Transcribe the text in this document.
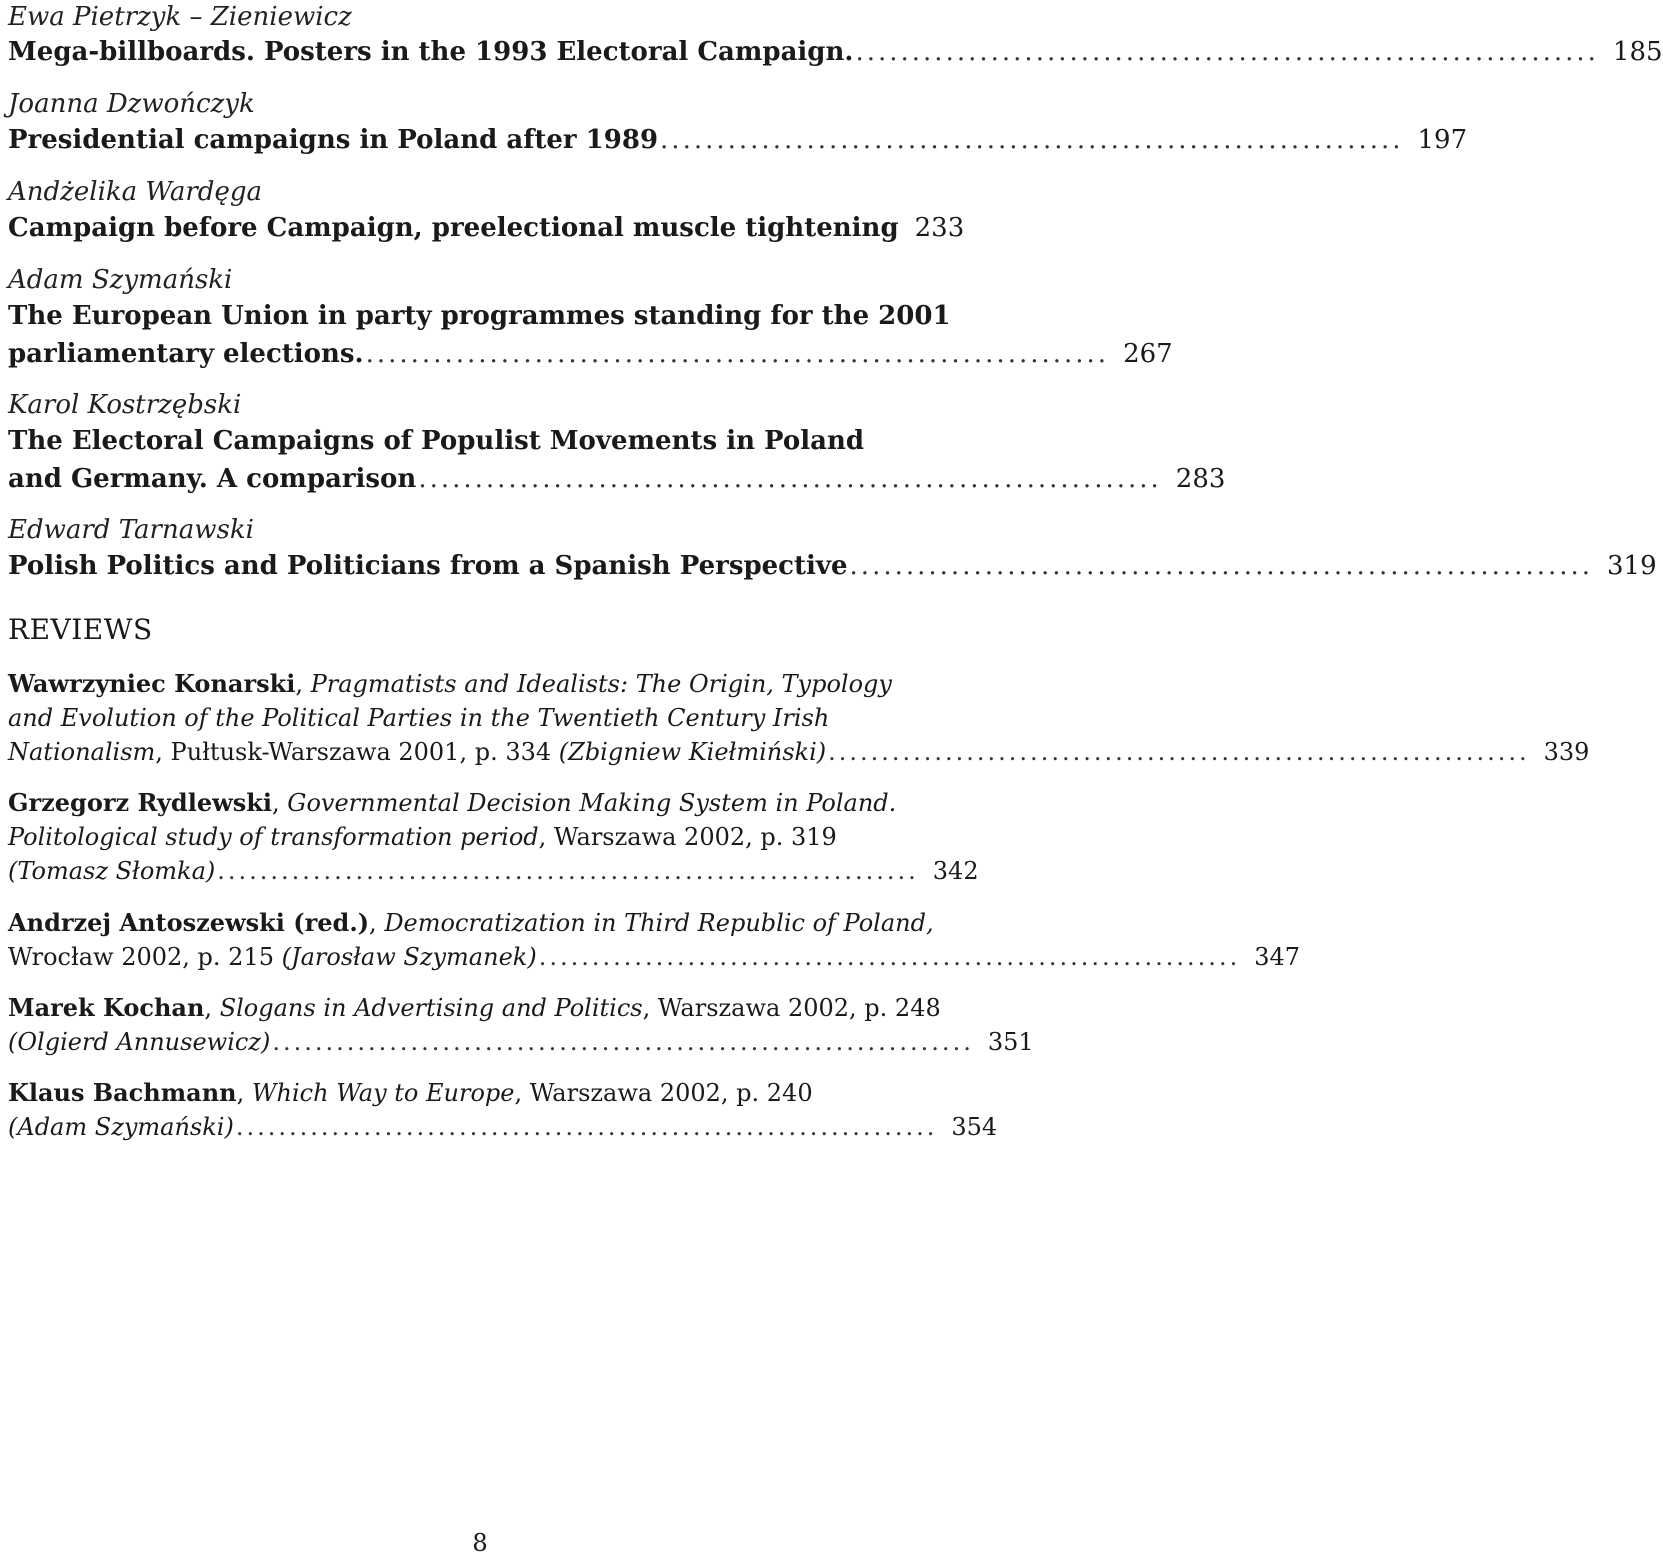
Ewa Pietrzyk – Zieniewicz
Mega-billboards. Posters in the 1993 Electoral Campaign. .................................................................. 185
Joanna Dzwończyk
Presidential campaigns in Poland after 1989 .................................................................. 197
Andżelika Wardęga
Campaign before Campaign, preelectional muscle tightening 233
Adam Szymański
The European Union in party programmes standing for the 2001
parliamentary elections. .................................................................. 267
Karol Kostrzębski
The Electoral Campaigns of Populist Movements in Poland
and Germany. A comparison .................................................................. 283
Edward Tarnawski
Polish Politics and Politicians from a Spanish Perspective .................................................................. 319
REVIEWS
Wawrzyniec Konarski, Pragmatists and Idealists: The Origin, Typology
and Evolution of the Political Parties in the Twentieth Century Irish
Nationalism, Pułtusk-Warszawa 2001, p. 334 (Zbigniew Kiełmiński) .................................................................. 339
Grzegorz Rydlewski, Governmental Decision Making System in Poland.
Politological study of transformation period, Warszawa 2002, p. 319
(Tomasz Słomka) .................................................................. 342
Andrzej Antoszewski (red.), Democratization in Third Republic of Poland,
Wrocław 2002, p. 215 (Jarosław Szymanek) .................................................................. 347
Marek Kochan, Slogans in Advertising and Politics, Warszawa 2002, p. 248
(Olgierd Annusewicz) .................................................................. 351
Klaus Bachmann, Which Way to Europe, Warszawa 2002, p. 240
(Adam Szymański) .................................................................. 354
8
